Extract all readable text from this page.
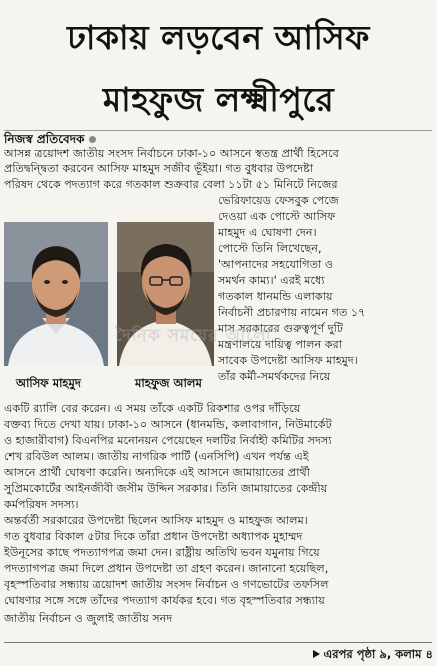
ঢাকায় লড়বেন আসিফ
মাহফুজ লক্ষ্মীপুরে
নিজস্ব প্রতিবেদক
আসন্ন ত্রয়োদশ জাতীয় সংসদ নির্বাচনে ঢাকা-১০ আসনে স্বতন্ত্র প্রার্থী হিসেবে
প্রতিদ্বন্দ্বিতা করবেন আসিফ মাহমুদ সজীব ভূঁইয়া। গত বুধবার উপদেষ্টা
পরিষদ থেকে পদত্যাগ করে গতকাল শুক্রবার বেলা ১১টা ৫১ মিনিটে নিজের
ভেরিফায়েড ফেসবুক পেজে
দেওয়া এক পোস্টে আসিফ
মাহমুদ এ ঘোষণা দেন।
পোস্টে তিনি লিখেছেন,
'আপনাদের সহযোগিতা ও
সমর্থন কাম্য।' এরই মধ্যে
গতকাল ধানমন্ডি এলাকায়
নির্বাচনী প্রচারণায় নামেন গত ১৭
মাস সরকারের গুরুত্বপূর্ণ দুটি
মন্ত্রণালয়ে দায়িত্ব পালন করা
সাবেক উপদেষ্টা আসিফ মাহমুদ।
তাঁর কর্মী-সমর্থকদের নিয়ে
আসিফ মাহমুদ	মাহফুজ আলম
দৈনিক সময়ের আলো
একটি র‍্যালি বের করেন। এ সময় তাঁকে একটি রিকশার ওপর দাঁড়িয়ে
বক্তব্য দিতে দেখা যায়। ঢাকা-১০ আসনে (ধানমন্ডি, কলাবাগান, নিউমার্কেট
ও হাজারীবাগ) বিএনপির মনোনয়ন পেয়েছেন দলটির নির্বাহী কমিটির সদস্য
শেখ রবিউল আলম। জাতীয় নাগরিক পার্টি (এনসিপি) এখন পর্যন্ত এই
আসনে প্রার্থী ঘোষণা করেনি। অন্যদিকে এই আসনে জামায়াতের প্রার্থী
সুপ্রিমকোর্টের আইনজীবী জসীম উদ্দিন সরকার। তিনি জামায়াতের কেন্দ্রীয়
কর্মপরিষদ সদস্য।
অন্তর্বর্তী সরকারের উপদেষ্টা ছিলেন আসিফ মাহমুদ ও মাহফুজ আলম।
গত বুধবার বিকাল ৫টার দিকে তাঁরা প্রধান উপদেষ্টা অধ্যাপক মুহাম্মদ
ইউনূসের কাছে পদত্যাগপত্র জমা দেন। রাষ্ট্রীয় অতিথি ভবন যমুনায় গিয়ে
পদত্যাগপত্র জমা দিলে প্রধান উপদেষ্টা তা গ্রহণ করেন। জানানো হয়েছিল,
বৃহস্পতিবার সন্ধ্যায় ত্রয়োদশ জাতীয় সংসদ নির্বাচন ও গণভোটের তফসিল
ঘোষণার সঙ্গে সঙ্গে তাঁদের পদত্যাগ কার্যকর হবে। গত বৃহস্পতিবার সন্ধ্যায়
জাতীয় নির্বাচন ও জুলাই জাতীয় সনদ
এরপর পৃষ্ঠা ৯, কলাম ৪
